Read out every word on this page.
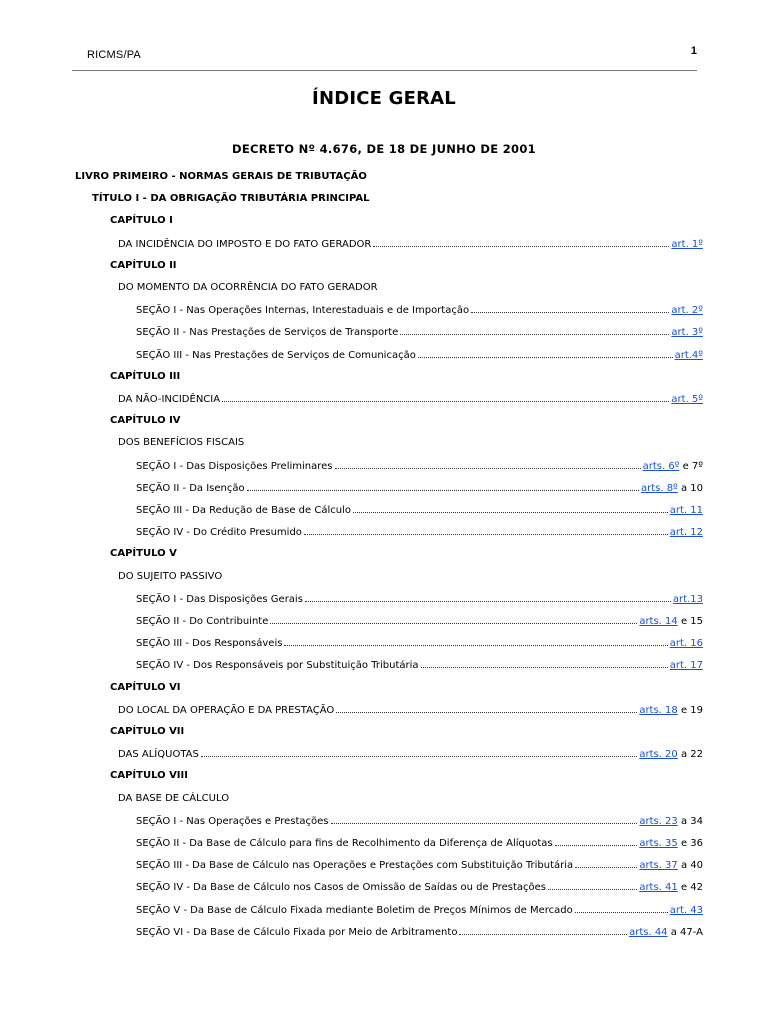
RICMS/PA	1
ÍNDICE GERAL
DECRETO Nº 4.676, DE 18 DE JUNHO DE 2001
LIVRO PRIMEIRO - NORMAS GERAIS DE TRIBUTAÇÃO
TÍTULO I - DA OBRIGAÇÃO TRIBUTÁRIA PRINCIPAL
CAPÍTULO I
DA INCIDÊNCIA DO IMPOSTO E DO FATO GERADOR	art. 1º
CAPÍTULO II
DO MOMENTO DA OCORRÊNCIA DO FATO GERADOR
SEÇÃO I - Nas Operações Internas, Interestaduais e de Importação	art. 2º
SEÇÃO II - Nas Prestações de Serviços de Transporte	art. 3º
SEÇÃO III - Nas Prestações de Serviços de Comunicação	art.4º
CAPÍTULO III
DA NÃO-INCIDÊNCIA	art. 5º
CAPÍTULO IV
DOS BENEFÍCIOS FISCAIS
SEÇÃO I - Das Disposições Preliminares	arts. 6º e 7º
SEÇÃO II - Da Isenção	arts. 8º a 10
SEÇÃO III - Da Redução de Base de Cálculo	art. 11
SEÇÃO IV - Do Crédito Presumido	art. 12
CAPÍTULO V
DO SUJEITO PASSIVO
SEÇÃO I - Das Disposições Gerais	art.13
SEÇÃO II - Do Contribuinte	arts. 14 e 15
SEÇÃO III - Dos Responsáveis	art. 16
SEÇÃO IV - Dos Responsáveis por Substituição Tributária	art. 17
CAPÍTULO VI
DO LOCAL DA OPERAÇÃO E DA PRESTAÇÃO	arts. 18 e 19
CAPÍTULO VII
DAS ALÍQUOTAS	arts. 20 a 22
CAPÍTULO VIII
DA BASE DE CÁLCULO
SEÇÃO I - Nas Operações e Prestações	arts. 23 a 34
SEÇÃO II - Da Base de Cálculo para fins de Recolhimento da Diferença de Alíquotas	arts. 35 e 36
SEÇÃO III - Da Base de Cálculo nas Operações e Prestações com Substituição Tributária	arts. 37 a 40
SEÇÃO IV - Da Base de Cálculo nos Casos de Omissão de Saídas ou de Prestações	arts. 41 e 42
SEÇÃO V - Da Base de Cálculo Fixada mediante Boletim de Preços Mínimos de Mercado	art. 43
SEÇÃO VI - Da Base de Cálculo Fixada por Meio de Arbitramento	arts. 44 a 47-A
